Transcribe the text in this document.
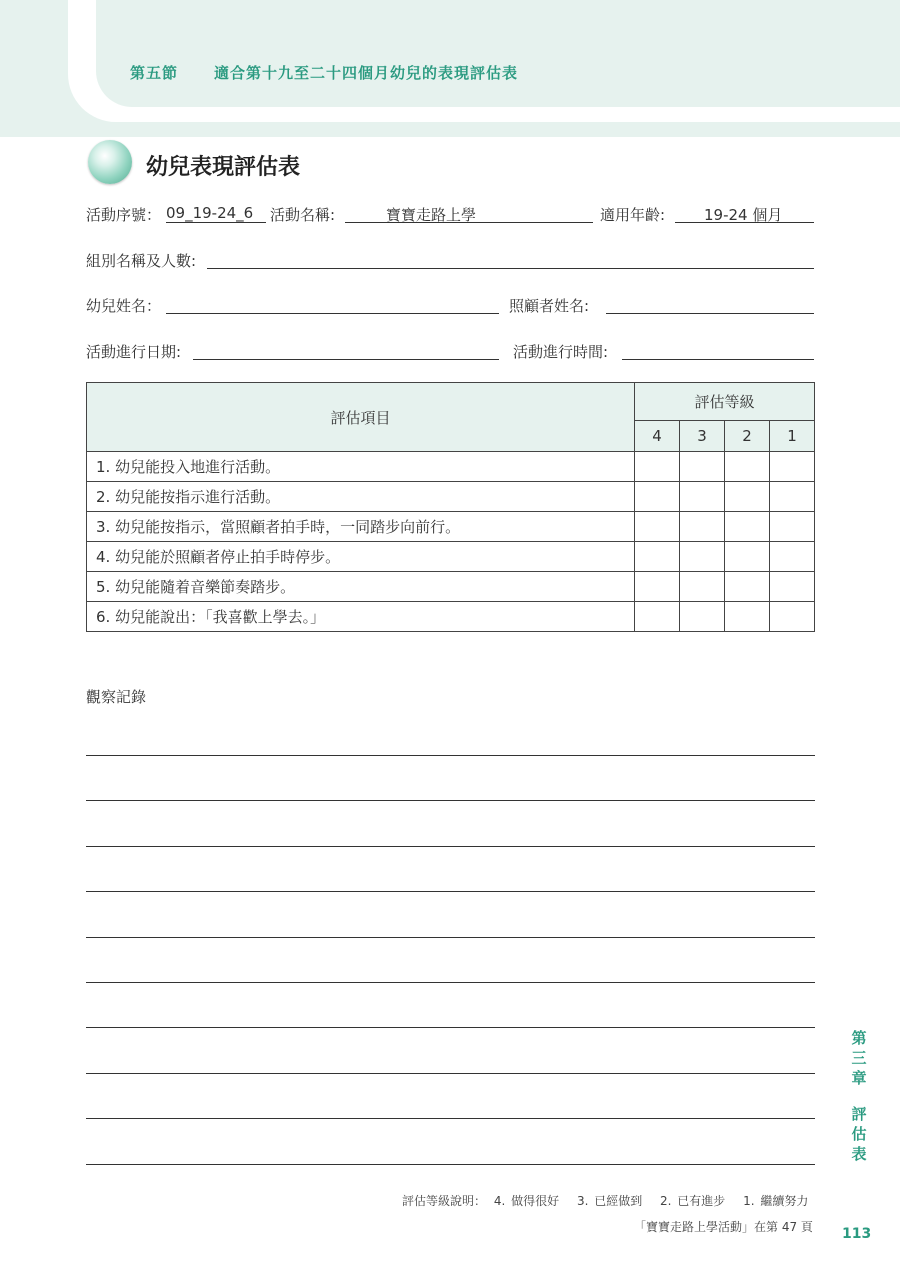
第五節 適合第十九至二十四個月幼兒的表現評估表
幼兒表現評估表
活動序號： 09_19-24_6	活動名稱:	寶寶走路上學	適用年齡:	19-24 個月
組別名稱及人數:
幼兒姓名：	照顧者姓名:
活動進行日期:	活動進行時間:
評估項目	評估等級			
	4	3	2	1
1. 幼兒能投入地進行活動。				
2. 幼兒能按指示進行活動。				
3. 幼兒能按指示，當照顧者拍手時，一同踏步向前行。				
4. 幼兒能於照顧者停止拍手時停步。				
5. 幼兒能隨着音樂節奏踏步。				
6. 幼兒能說出：「我喜歡上學去。」				
觀察記錄
第
三
章
評
估
表
評估等級說明： 4. 做得很好 3. 已經做到 2. 已有進步 1. 繼續努力
「寶寶走路上學活動」在第 47 頁 113
